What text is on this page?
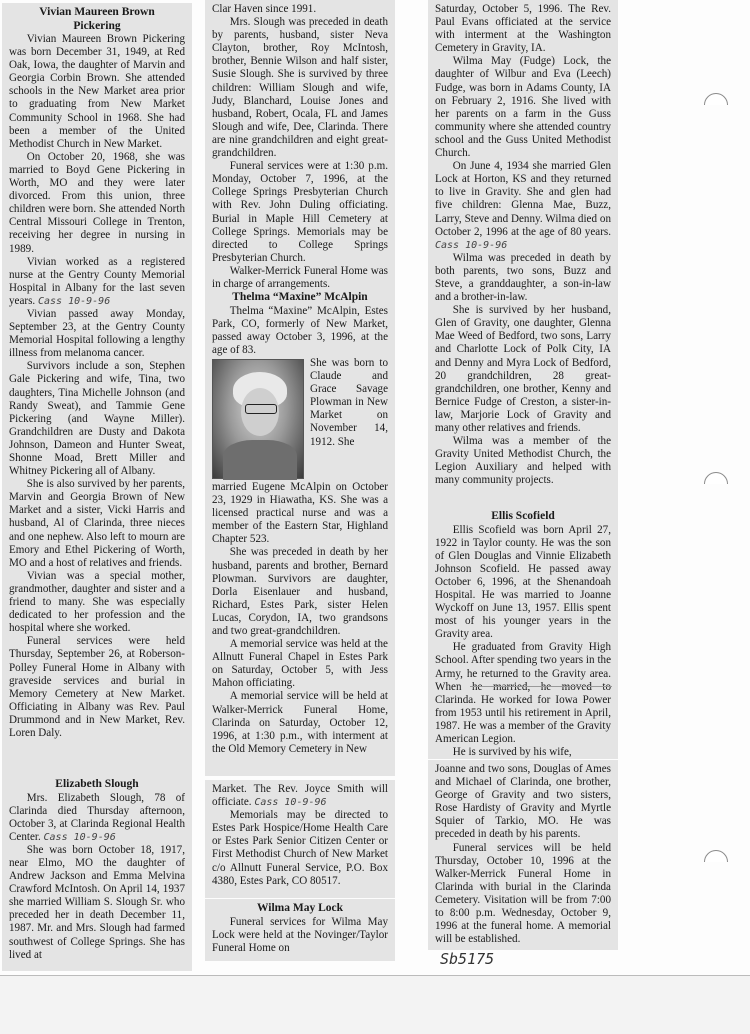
Vivian Maureen Brown
Pickering

Vivian Maureen Brown Pickering was born December 31, 1949, at Red Oak, Iowa, the daughter of Marvin and Georgia Corbin Brown. She attended schools in the New Market area prior to graduating from New Market Community School in 1968. She had been a member of the United Methodist Church in New Market.

On October 20, 1968, she was married to Boyd Gene Pickering in Worth, MO and they were later divorced. From this union, three children were born. She attended North Central Missouri College in Trenton, receiving her degree in nursing in 1989.

Vivian worked as a registered nurse at the Gentry County Memorial Hospital in Albany for the last seven years. Cass 10-9-96

Vivian passed away Monday, September 23, at the Gentry County Memorial Hospital following a lengthy illness from melanoma cancer.

Survivors include a son, Stephen Gale Pickering and wife, Tina, two daughters, Tina Michelle Johnson (and Randy Sweat), and Tammie Gene Pickering (and Wayne Miller). Grandchildren are Dusty and Dakota Johnson, Dameon and Hunter Sweat, Shonne Moad, Brett Miller and Whitney Pickering all of Albany.

She is also survived by her parents, Marvin and Georgia Brown of New Market and a sister, Vicki Harris and husband, Al of Clarinda, three nieces and one nephew. Also left to mourn are Emory and Ethel Pickering of Worth, MO and a host of relatives and friends.

Vivian was a special mother, grandmother, daughter and sister and a friend to many. She was especially dedicated to her profession and the hospital where she worked.

Funeral services were held Thursday, September 26, at Roberson-Polley Funeral Home in Albany with graveside services and burial in Memory Cemetery at New Market. Officiating in Albany was Rev. Paul Drummond and in New Market, Rev. Loren Daly.

Elizabeth Slough

Mrs. Elizabeth Slough, 78 of Clarinda died Thursday afternoon, October 3, at Clarinda Regional Health Center. Cass 10-9-96

She was born October 18, 1917, near Elmo, MO the daughter of Andrew Jackson and Emma Melvina Crawford McIntosh. On April 14, 1937 she married William S. Slough Sr. who preceded her in death December 11, 1987. Mr. and Mrs. Slough had farmed southwest of College Springs. She has lived at

Clar Haven since 1991.

Mrs. Slough was preceded in death by parents, husband, sister Neva Clayton, brother, Roy McIntosh, brother, Bennie Wilson and half sister, Susie Slough. She is survived by three children: William Slough and wife, Judy, Blanchard, Louise Jones and husband, Robert, Ocala, FL and James Slough and wife, Dee, Clarinda. There are nine grandchildren and eight great-grandchildren.

Funeral services were at 1:30 p.m. Monday, October 7, 1996, at the College Springs Presbyterian Church with Rev. John Duling officiating. Burial in Maple Hill Cemetery at College Springs. Memorials may be directed to College Springs Presbyterian Church.

Walker-Merrick Funeral Home was in charge of arrangements.

Thelma “Maxine” McAlpin

Thelma “Maxine” McAlpin, Estes Park, CO, formerly of New Market, passed away October 3, 1996, at the age of 83.

She was born to Claude and Grace Savage Plowman in New Market on November 14, 1912. She

married Eugene McAlpin on October 23, 1929 in Hiawatha, KS. She was a licensed practical nurse and was a member of the Eastern Star, Highland Chapter 523.

She was preceded in death by her husband, parents and brother, Bernard Plowman. Survivors are daughter, Dorla Eisenlauer and husband, Richard, Estes Park, sister Helen Lucas, Corydon, IA, two grandsons and two great-grandchildren.

A memorial service was held at the Allnutt Funeral Chapel in Estes Park on Saturday, October 5, with Jess Mahon officiating.

A memorial service will be held at Walker-Merrick Funeral Home, Clarinda on Saturday, October 12, 1996, at 1:30 p.m., with interment at the Old Memory Cemetery in New

Market. The Rev. Joyce Smith will officiate. Cass 10-9-96

Memorials may be directed to Estes Park Hospice/Home Health Care or Estes Park Senior Citizen Center or First Methodist Church of New Market c/o Allnutt Funeral Service, P.O. Box 4380, Estes Park, CO 80517.

Wilma May Lock

Funeral services for Wilma May Lock were held at the Novinger/Taylor Funeral Home on

Saturday, October 5, 1996. The Rev. Paul Evans officiated at the service with interment at the Washington Cemetery in Gravity, IA.

Wilma May (Fudge) Lock, the daughter of Wilbur and Eva (Leech) Fudge, was born in Adams County, IA on February 2, 1916. She lived with her parents on a farm in the Guss community where she attended country school and the Guss United Methodist Church.

On June 4, 1934 she married Glen Lock at Horton, KS and they returned to live in Gravity. She and glen had five children: Glenna Mae, Buzz, Larry, Steve and Denny. Wilma died on October 2, 1996 at the age of 80 years. Cass 10-9-96

Wilma was preceded in death by both parents, two sons, Buzz and Steve, a granddaughter, a son-in-law and a brother-in-law.

She is survived by her husband, Glen of Gravity, one daughter, Glenna Mae Weed of Bedford, two sons, Larry and Charlotte Lock of Polk City, IA and Denny and Myra Lock of Bedford, 20 grandchildren, 28 great-grandchildren, one brother, Kenny and Bernice Fudge of Creston, a sister-in-law, Marjorie Lock of Gravity and many other relatives and friends.

Wilma was a member of the Gravity United Methodist Church, the Legion Auxiliary and helped with many community projects.

Ellis Scofield

Ellis Scofield was born April 27, 1922 in Taylor county. He was the son of Glen Douglas and Vinnie Elizabeth Johnson Scofield. He passed away October 6, 1996, at the Shenandoah Hospital. He was married to Joanne Wyckoff on June 13, 1957. Ellis spent most of his younger years in the Gravity area.

He graduated from Gravity High School. After spending two years in the Army, he returned to the Gravity area. When he married, he moved to Clarinda. He worked for Iowa Power from 1953 until his retirement in April, 1987. He was a member of the Gravity American Legion.

He is survived by his wife,

Joanne and two sons, Douglas of Ames and Michael of Clarinda, one brother, George of Gravity and two sisters, Rose Hardisty of Gravity and Myrtle Squier of Tarkio, MO. He was preceded in death by his parents.

Funeral services will be held Thursday, October 10, 1996 at the Walker-Merrick Funeral Home in Clarinda with burial in the Clarinda Cemetery. Visitation will be from 7:00 to 8:00 p.m. Wednesday, October 9, 1996 at the funeral home. A memorial will be established.

Sb5175
